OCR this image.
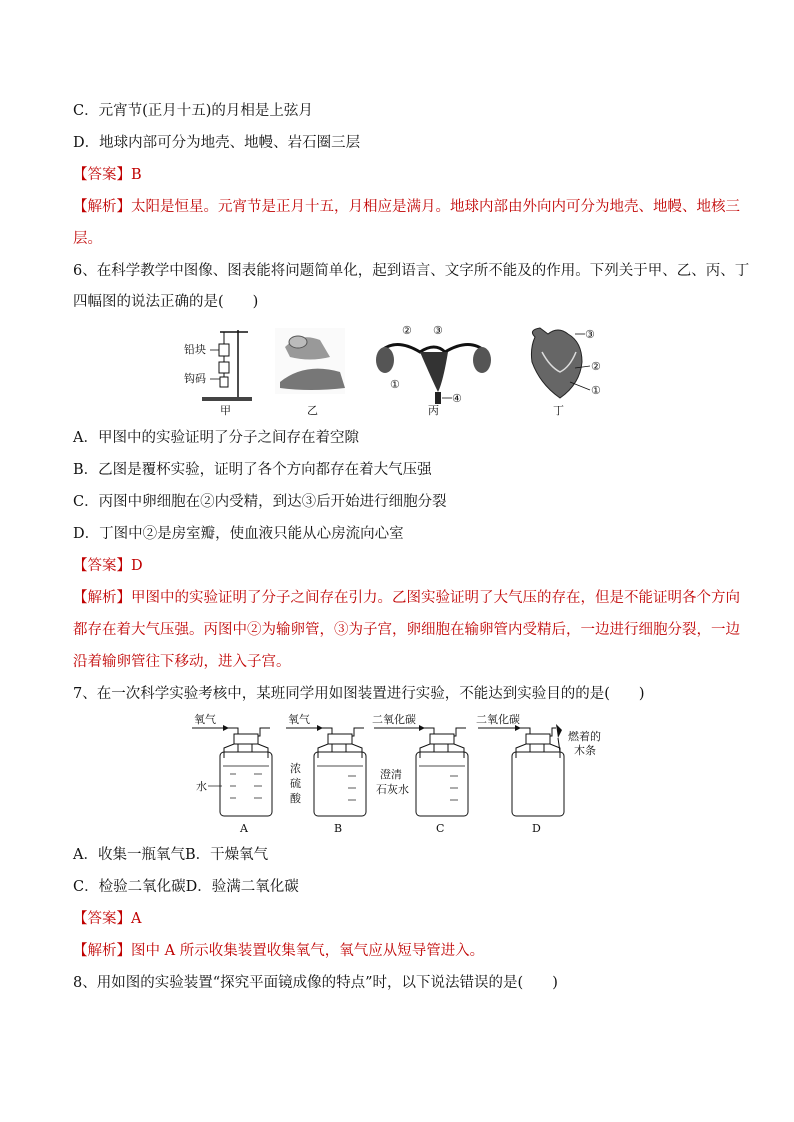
C．元宵节(正月十五)的月相是上弦月
D．地球内部可分为地壳、地幔、岩石圈三层
【答案】B
【解析】太阳是恒星。元宵节是正月十五，月相应是满月。地球内部由外向内可分为地壳、地幔、地核三
层。
6、在科学教学中图像、图表能将问题简单化，起到语言、文字所不能及的作用。下列关于甲、乙、丙、丁
四幅图的说法正确的是(　　)
铅块
钩码
甲	乙
② ③
①
④
丙
③
②
①
丁
A．甲图中的实验证明了分子之间存在着空隙
B．乙图是覆杯实验，证明了各个方向都存在着大气压强
C．丙图中卵细胞在②内受精，到达③后开始进行细胞分裂
D．丁图中②是房室瓣，使血液只能从心房流向心室
【答案】D
【解析】甲图中的实验证明了分子之间存在引力。乙图实验证明了大气压的存在，但是不能证明各个方向
都存在着大气压强。丙图中②为输卵管，③为子宫，卵细胞在输卵管内受精后，一边进行细胞分裂，一边
沿着输卵管往下移动，进入子宫。
7、在一次科学实验考核中，某班同学用如图装置进行实验，不能达到实验目的的是(　　)
氧气
水
A
氧气
浓
硫
酸
B
二氧化碳
澄清
石灰水
C
二氧化碳
燃着的
木条
D
A．收集一瓶氧气B．干燥氧气
C．检验二氧化碳D．验满二氧化碳
【答案】A
【解析】图中 A 所示收集装置收集氧气，氧气应从短导管进入。
8、用如图的实验装置“探究平面镜成像的特点”时，以下说法错误的是(　　)
